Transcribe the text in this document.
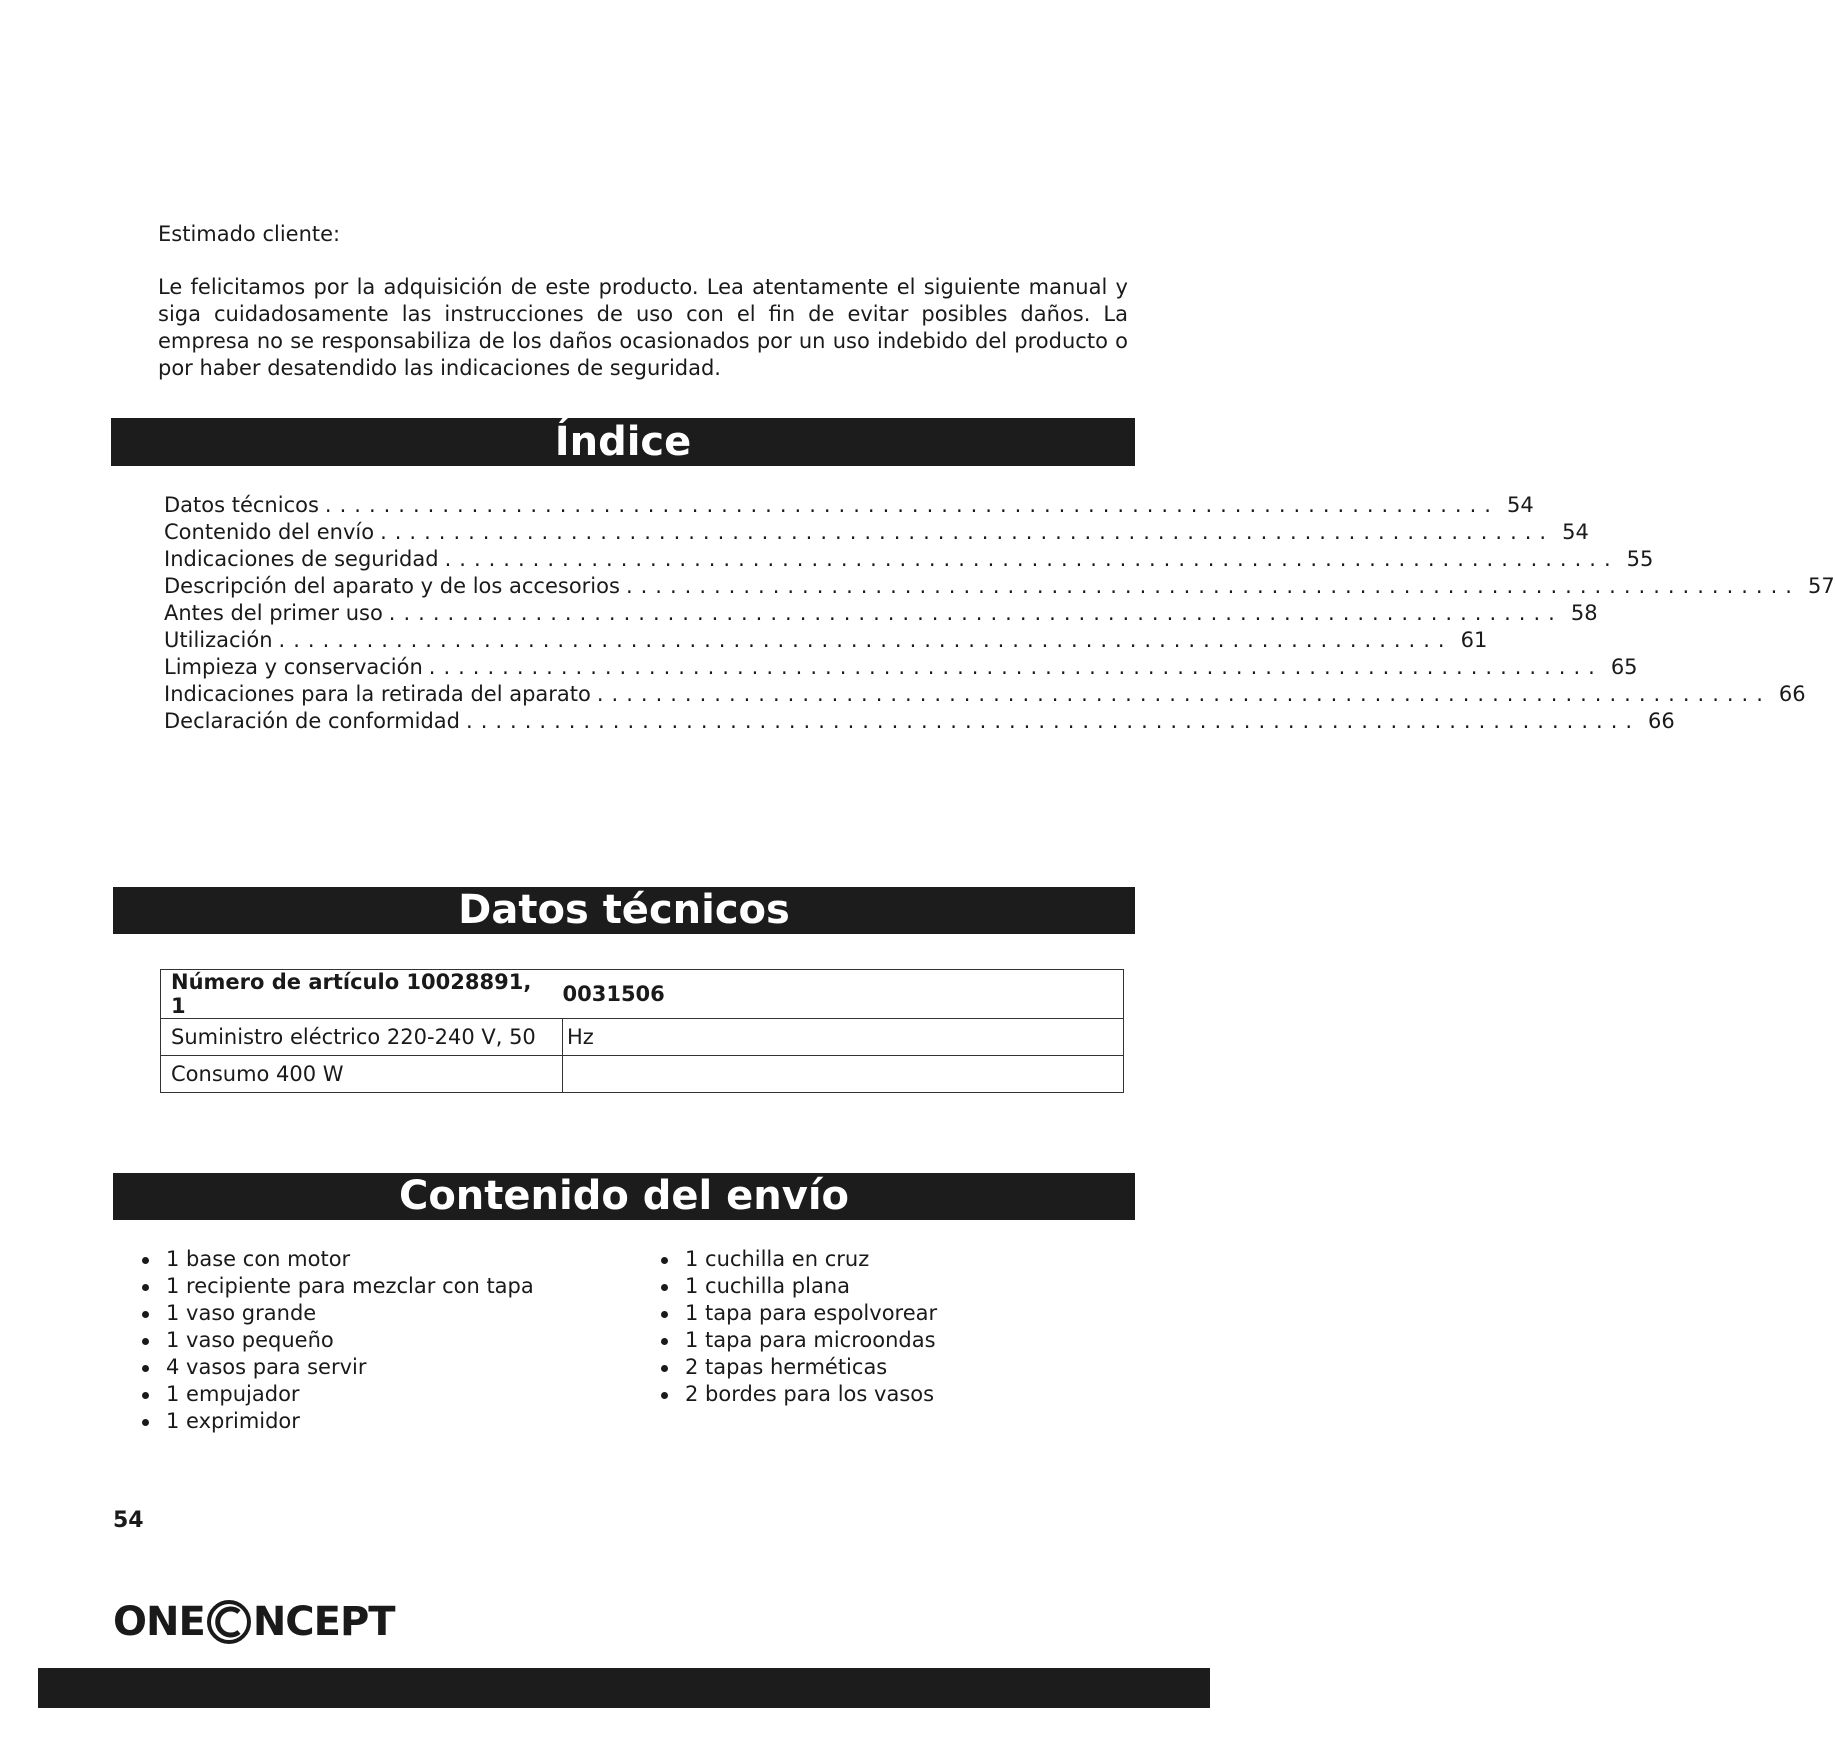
Estimado cliente:
Le felicitamos por la adquisición de este producto. Lea atentamente el siguiente manual y siga cuidadosamente las instrucciones de uso con el fin de evitar posibles daños. La empresa no se responsabiliza de los daños ocasionados por un uso indebido del producto o por haber desatendido las indicaciones de seguridad.
Índice
Datos técnicos ................................................................................ 54
Contenido del envío ................................................................................ 54
Indicaciones de seguridad ................................................................................ 55
Descripción del aparato y de los accesorios ................................................................................ 57
Antes del primer uso ................................................................................ 58
Utilización ................................................................................ 61
Limpieza y conservación ................................................................................ 65
Indicaciones para la retirada del aparato ................................................................................ 66
Declaración de conformidad ................................................................................ 66
Datos técnicos
Número de artículo 10028891, 1	0031506
Suministro eléctrico 220-240 V, 50	Hz
Consumo 400 W	
Contenido del envío
1 base con motor
1 recipiente para mezclar con tapa
1 vaso grande
1 vaso pequeño
4 vasos para servir
1 empujador
1 exprimidor
1 cuchilla en cruz
1 cuchilla plana
1 tapa para espolvorear
1 tapa para microondas
2 tapas herméticas
2 bordes para los vasos
54
ONE NCEPT
